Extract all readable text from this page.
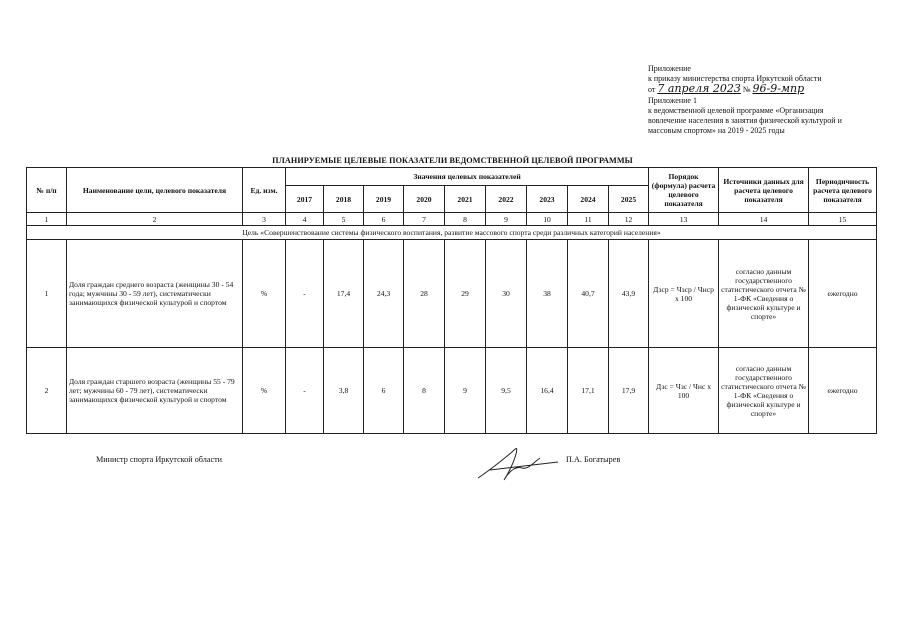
Приложение
к приказу министерства спорта Иркутской области
от 7 апреля 2023 № 96-9-мпр
Приложение 1
к ведомственной целевой программе «Организация
вовлечение населения в занятия физической культурой и
массовым спортом» на 2019 - 2025 годы
ПЛАНИРУЕМЫЕ ЦЕЛЕВЫЕ ПОКАЗАТЕЛИ ВЕДОМСТВЕННОЙ ЦЕЛЕВОЙ ПРОГРАММЫ
№ п/п	Наименование цели, целевого показателя	Ед. изм.	Значения целевых показателей									Порядок (формула) расчета целевого показателя	Источники данных для расчета целевого показателя	Периодичность расчета целевого показателя
			2017	2018	2019	2020	2021	2022	2023	2024	2025			
1	2	3	4	5	6	7	8	9	10	11	12	13	14	15
Цель «Совершенствование системы физического воспитания, развитие массового спорта среди различных категорий населения»														
1	Доля граждан среднего возраста (женщины 30 - 54 года; мужчины 30 - 59 лет), систематически занимающихся физической культурой и спортом	%	-	17,4	24,3	28	29	30	38	40,7	43,9	Дзср = Чзср / Чнср х 100	согласно данным государственного статистического отчета № 1-ФК «Сведения о физической культуре и спорте»	ежегодно
2	Доля граждан старшего возраста (женщины 55 - 79 лет; мужчины 60 - 79 лет), систематически занимающихся физической культурой и спортом	%	-	3,8	6	8	9	9,5	16,4	17,1	17,9	Дзс = Чзс / Чнс х 100	согласно данным государственного статистического отчета № 1-ФК «Сведения о физической культуре и спорте»	ежегодно
Министр спорта Иркутской области	П.А. Богатырев
